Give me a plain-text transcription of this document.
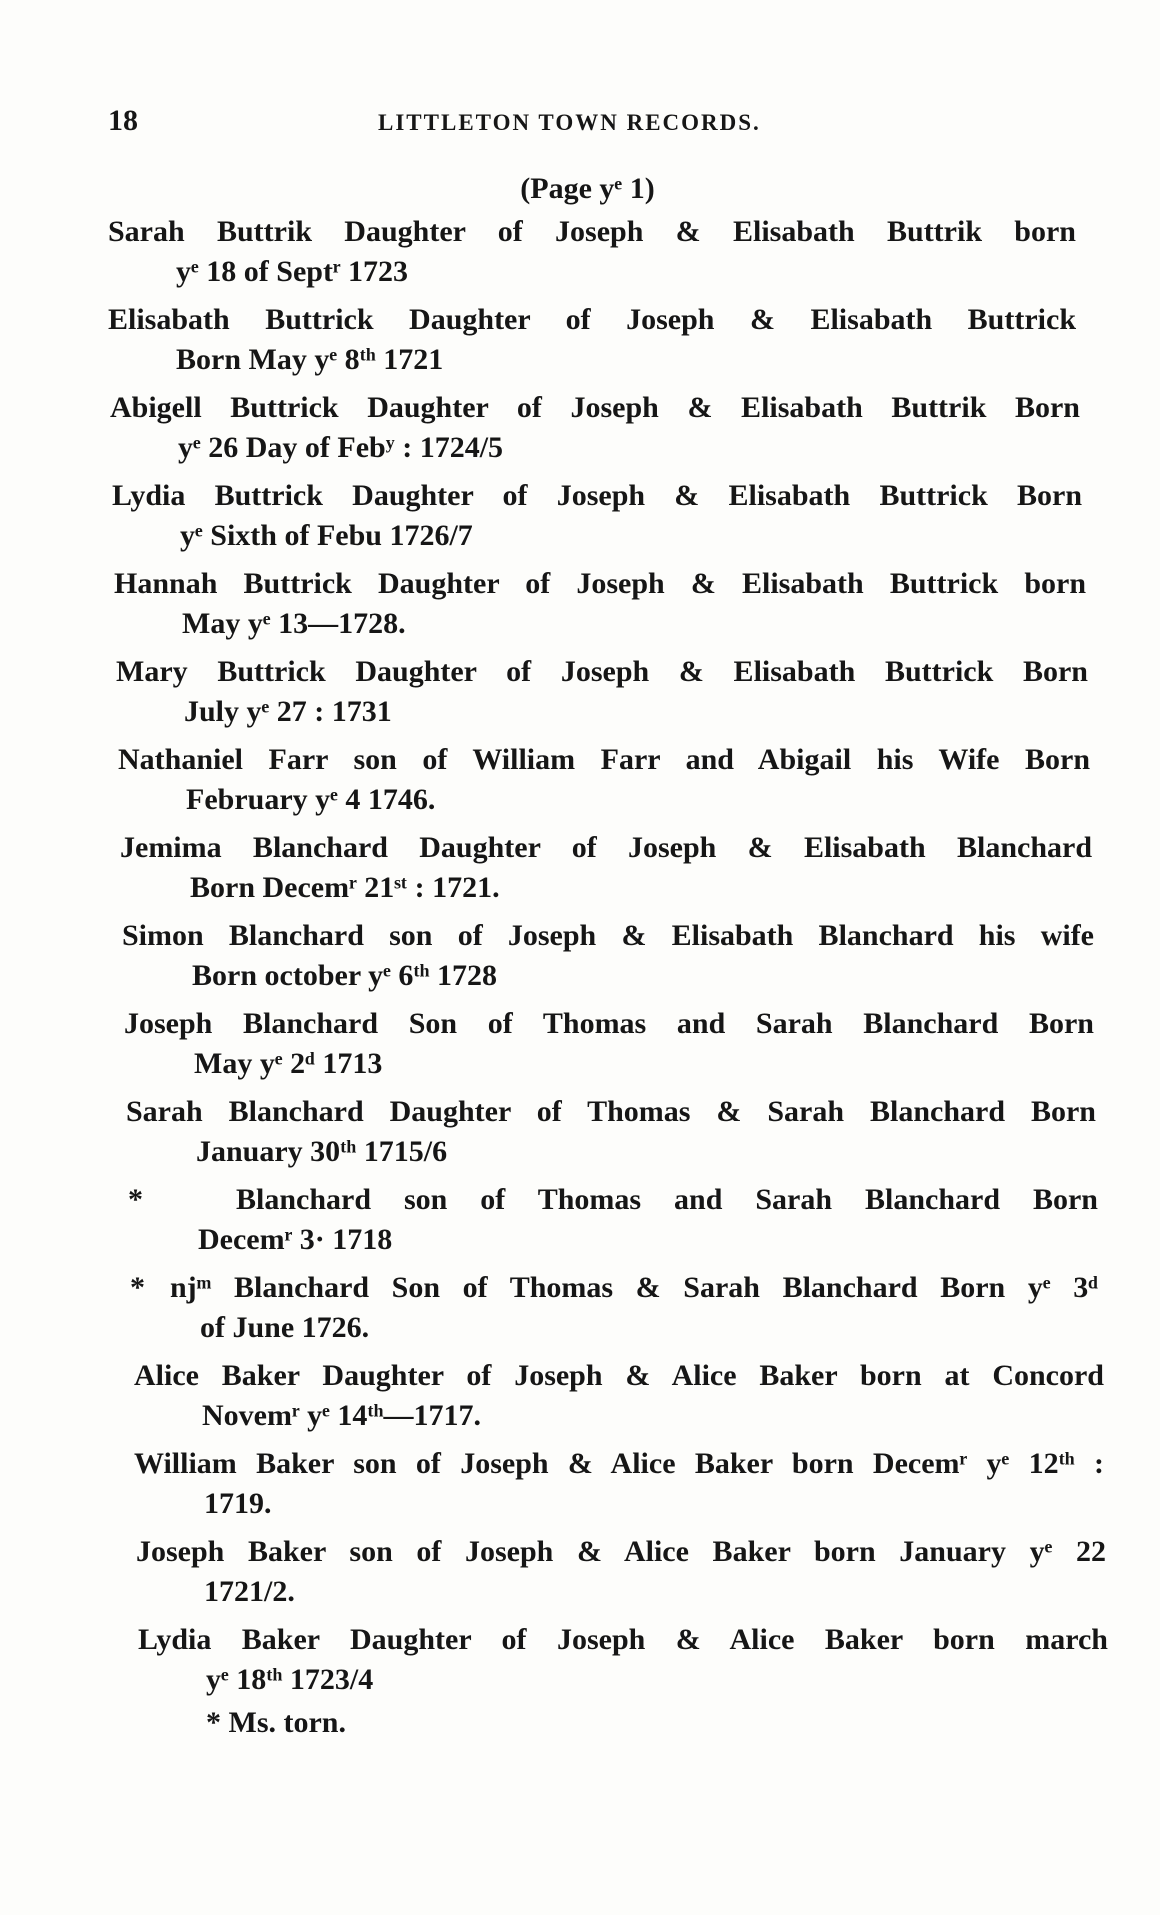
18	LITTLETON TOWN RECORDS.
(Page yᵉ 1)
Sarah Buttrik Daughter of Joseph & Elisabath Buttrik born
yᵉ 18 of Septʳ 1723
Elisabath Buttrick Daughter of Joseph & Elisabath Buttrick
Born May yᵉ 8ᵗʰ 1721
Abigell Buttrick Daughter of Joseph & Elisabath Buttrik Born
yᵉ 26 Day of Febʸ : 1724/5
Lydia Buttrick Daughter of Joseph & Elisabath Buttrick Born
yᵉ Sixth of Febu 1726/7
Hannah Buttrick Daughter of Joseph & Elisabath Buttrick born
May yᵉ 13—1728.
Mary Buttrick Daughter of Joseph & Elisabath Buttrick Born
July yᵉ 27 : 1731
Nathaniel Farr son of William Farr and Abigail his Wife Born
February yᵉ 4 1746.
Jemima Blanchard Daughter of Joseph & Elisabath Blanchard
Born Decemʳ 21ˢᵗ : 1721.
Simon Blanchard son of Joseph & Elisabath Blanchard his wife
Born october yᵉ 6ᵗʰ 1728
Joseph Blanchard Son of Thomas and Sarah Blanchard Born
May yᵉ 2ᵈ 1713
Sarah Blanchard Daughter of Thomas & Sarah Blanchard Born
January 30ᵗʰ 1715/6
*	Blanchard son of Thomas and Sarah Blanchard Born
Decemʳ 3· 1718
* njᵐ Blanchard Son of Thomas & Sarah Blanchard Born yᵉ 3ᵈ
of June 1726.
Alice Baker Daughter of Joseph & Alice Baker born at Concord
Novemʳ yᵉ 14ᵗʰ—1717.
William Baker son of Joseph & Alice Baker born Decemʳ yᵉ 12ᵗʰ :
1719.
Joseph Baker son of Joseph & Alice Baker born January yᵉ 22
1721/2.
Lydia Baker Daughter of Joseph & Alice Baker born march
yᵉ 18ᵗʰ 1723/4
* Ms. torn.
